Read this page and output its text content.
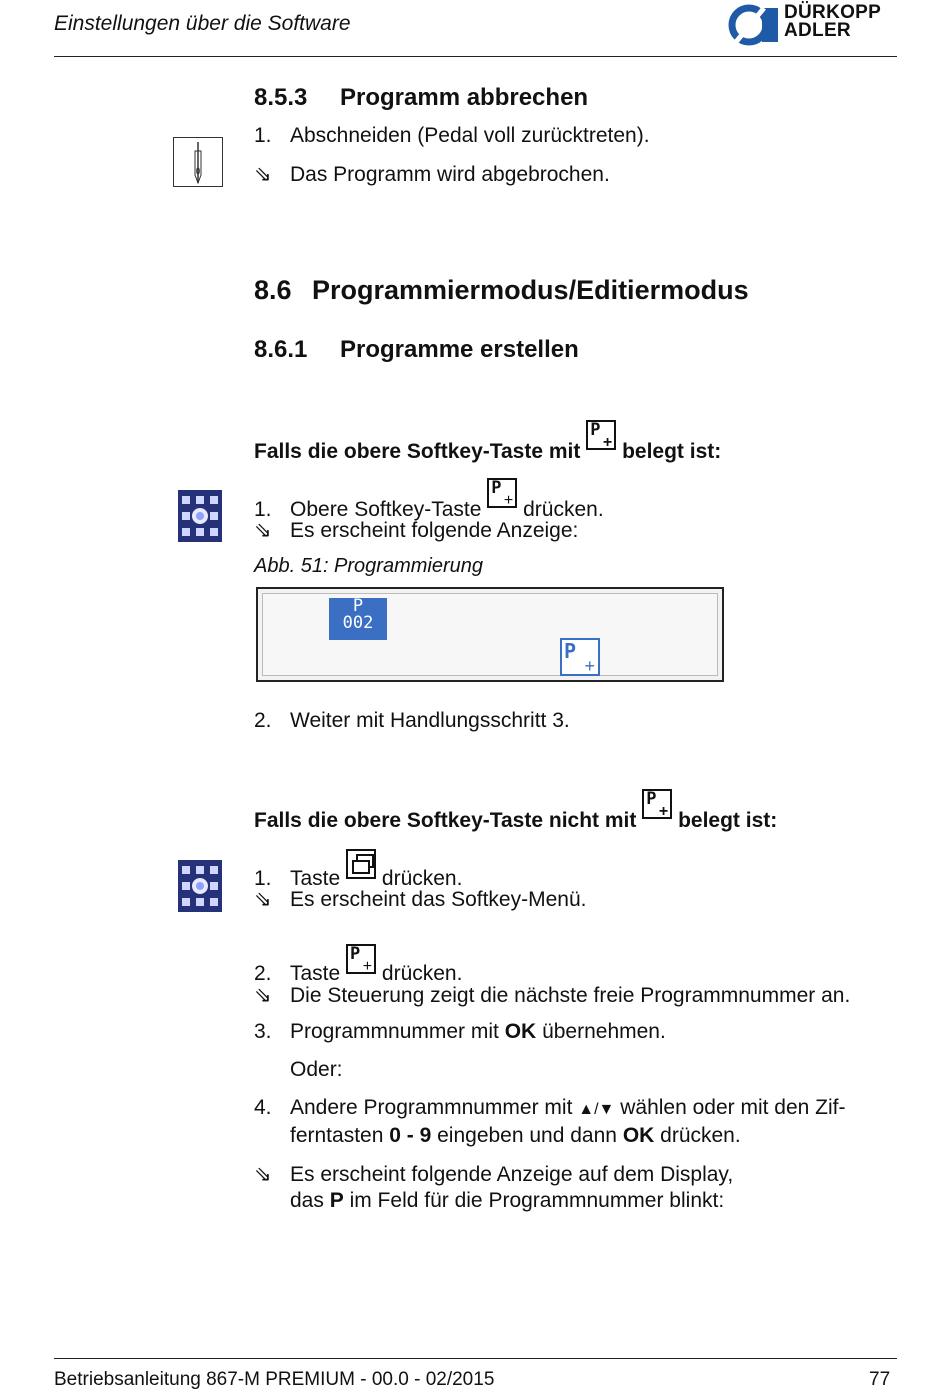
Einstellungen über die Software	DÜRKOPP
ADLER
8.5.3 Programm abbrechen
1. Abschneiden (Pedal voll zurücktreten).
⇘ Das Programm wird abgebrochen.
8.6 Programmiermodus/Editiermodus
8.6.1 Programme erstellen
Falls die obere Softkey-Taste mit
P
+ belegt ist:
1. Obere Softkey-Taste
P
+ drücken.
⇘ Es erscheint folgende Anzeige:
Abb. 51: Programmierung
P
002
P
+
2. Weiter mit Handlungsschritt 3.
Falls die obere Softkey-Taste nicht mit
P
+ belegt ist:
1. Taste drücken.
⇘ Es erscheint das Softkey-Menü.
2. Taste
P
+ drücken.
⇘ Die Steuerung zeigt die nächste freie Programmnummer an.
3. Programmnummer mit OK übernehmen.
Oder:
4. Andere Programmnummer mit ▲/▼ wählen oder mit den Zif-
ferntasten 0 - 9 eingeben und dann OK drücken.
⇘ Es erscheint folgende Anzeige auf dem Display,
das P im Feld für die Programmnummer blinkt:
Betriebsanleitung 867-M PREMIUM - 00.0 - 02/2015	77
